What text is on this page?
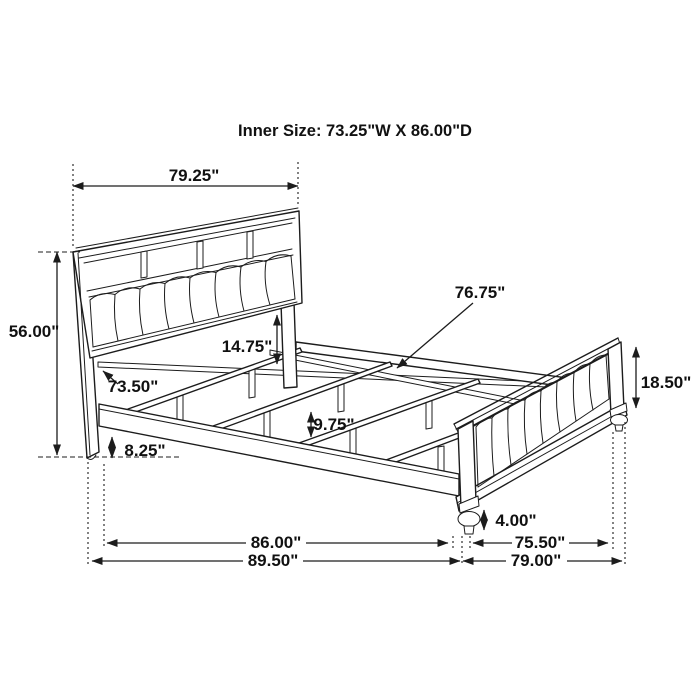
Inner Size: 73.25"W X 86.00"D
79.25"
56.00"
73.50"
14.75"
8.25"
9.75"
76.75"
18.50"
4.00"
86.00"	75.50"
89.50"	79.00"
